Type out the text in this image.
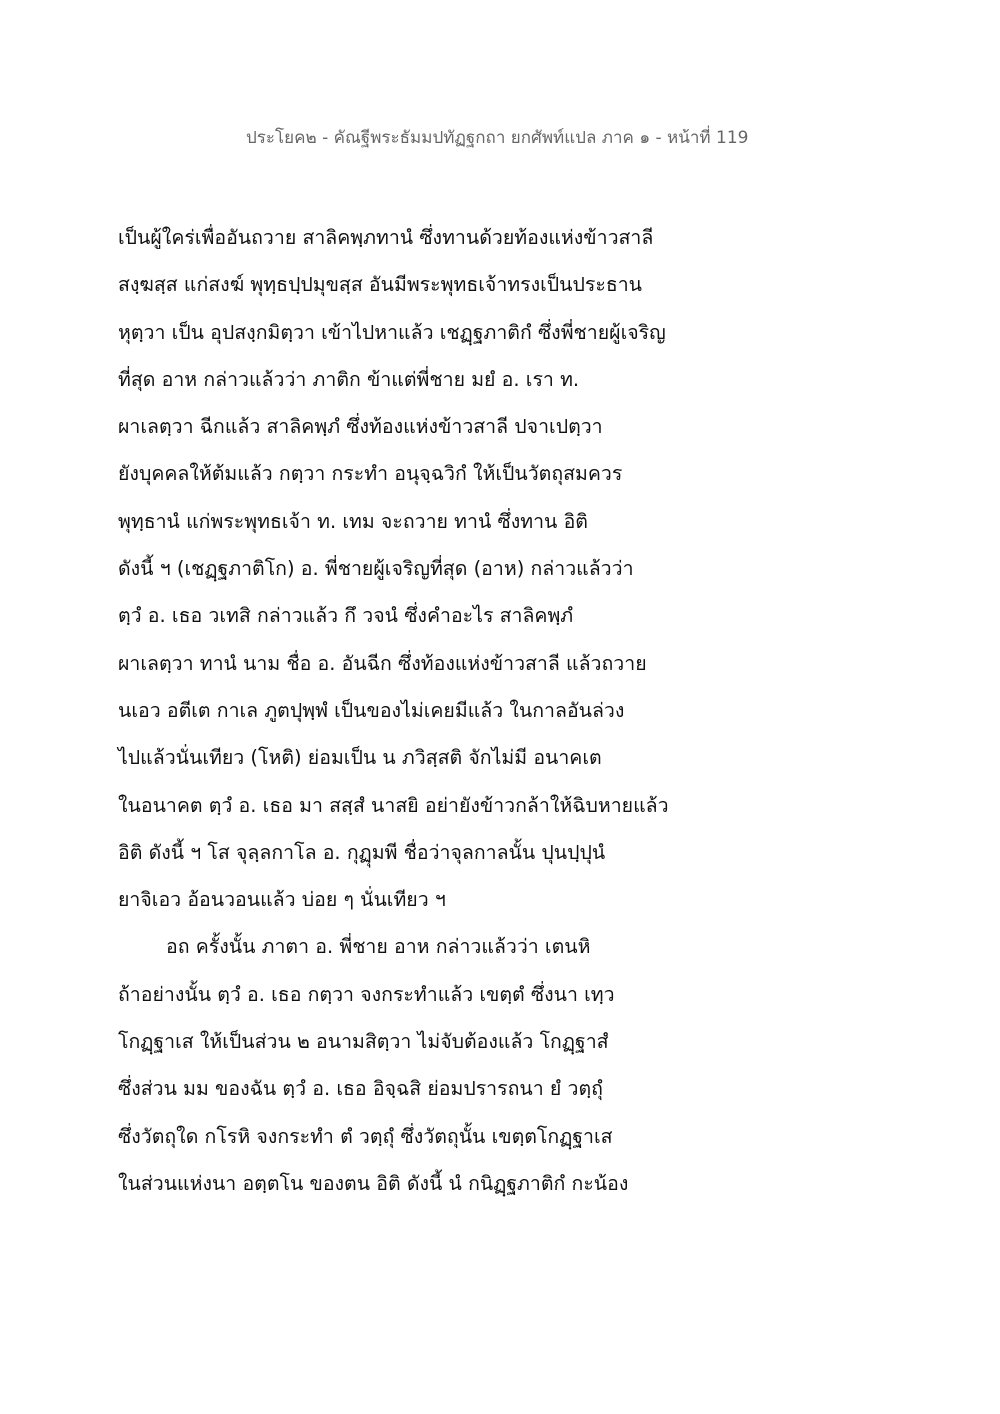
ประโยค๒ - คัณฐีพระธัมมปทัฏฐกถา ยกศัพท์แปล ภาค ๑ - หน้าที่ 119
เป็นผู้ใคร่เพื่ออันถวาย สาลิคพฺภทานํ ซึ่งทานด้วยท้องแห่งข้าวสาลี
สงฺฆสฺส แก่สงฆ์ พุทฺธปฺปมุขสฺส อันมีพระพุทธเจ้าทรงเป็นประธาน
หุตฺวา เป็น อุปสงฺกมิตฺวา เข้าไปหาแล้ว เชฏฺฐภาติกํ ซึ่งพี่ชายผู้เจริญ
ที่สุด อาห กล่าวแล้วว่า ภาติก ข้าแต่พี่ชาย มยํ อ. เรา ท.
ผาเลตฺวา ฉีกแล้ว สาลิคพฺภํ ซึ่งท้องแห่งข้าวสาลี ปจาเปตฺวา
ยังบุคคลให้ต้มแล้ว กตฺวา กระทำ อนุจฺฉวิกํ ให้เป็นวัตถุสมควร
พุทฺธานํ แก่พระพุทธเจ้า ท. เทม จะถวาย ทานํ ซึ่งทาน อิติ
ดังนี้ ฯ (เชฏฺฐภาติโก) อ. พี่ชายผู้เจริญที่สุด (อาห) กล่าวแล้วว่า
ตฺวํ อ. เธอ วเทสิ กล่าวแล้ว กึ วจนํ ซึ่งคำอะไร สาลิคพฺภํ
ผาเลตฺวา ทานํ นาม ชื่อ อ. อันฉีก ซึ่งท้องแห่งข้าวสาลี แล้วถวาย
นเอว อตีเต กาเล ภูตปุพฺพํ เป็นของไม่เคยมีแล้ว ในกาลอันล่วง
ไปแล้วนั่นเทียว (โหติ) ย่อมเป็น น ภวิสฺสติ จักไม่มี อนาคเต
ในอนาคต ตฺวํ อ. เธอ มา สสฺสํ นาสยิ อย่ายังข้าวกล้าให้ฉิบหายแล้ว
อิติ ดังนี้ ฯ โส จุลฺลกาโล อ. กุฏุมพี ชื่อว่าจุลกาลนั้น ปุนปฺปุนํ
ยาจิเอว อ้อนวอนแล้ว บ่อย ๆ นั่นเทียว ฯ
อถ ครั้งนั้น ภาตา อ. พี่ชาย อาห กล่าวแล้วว่า เตนหิ
ถ้าอย่างนั้น ตฺวํ อ. เธอ กตฺวา จงกระทำแล้ว เขตฺตํ ซึ่งนา เทฺว
โกฏฺฐาเส ให้เป็นส่วน ๒ อนามสิตฺวา ไม่จับต้องแล้ว โกฏฺฐาสํ
ซึ่งส่วน มม ของฉัน ตฺวํ อ. เธอ อิจฺฉสิ ย่อมปรารถนา ยํ วตฺถุํ
ซึ่งวัตถุใด กโรหิ จงกระทำ ตํ วตฺถุํ ซึ่งวัตถุนั้น เขตฺตโกฏฺฐาเส
ในส่วนแห่งนา อตฺตโน ของตน อิติ ดังนี้ นํ กนิฏฺฐภาติกํ กะน้อง
